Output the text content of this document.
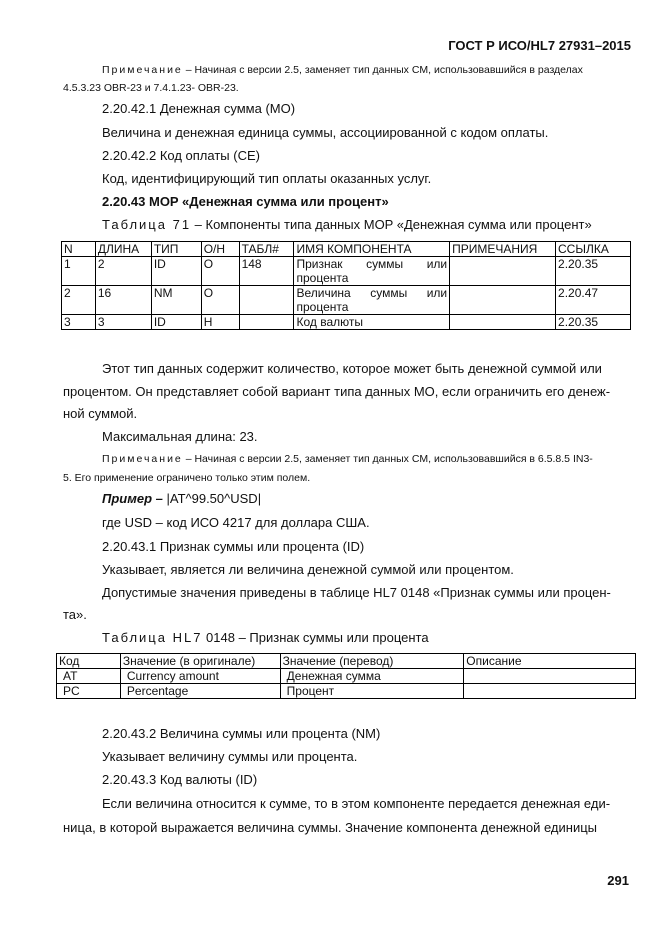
ГОСТ Р ИСО/HL7 27931–2015
Примечание – Начиная с версии 2.5, заменяет тип данных CM, использовавшийся в разделах
4.5.3.23 OBR-23 и 7.4.1.23- OBR-23.
2.20.42.1 Денежная сумма (MO)
Величина и денежная единица суммы, ассоциированной с кодом оплаты.
2.20.42.2 Код оплаты (CE)
Код, идентифицирующий тип оплаты оказанных услуг.
2.20.43 MOP «Денежная сумма или процент»
Таблица 71 – Компоненты типа данных MOP «Денежная сумма или процент»
N	ДЛИНА	ТИП	О/Н	ТАБЛ#	ИМЯ КОМПОНЕНТА	ПРИМЕЧАНИЯ	ССЫЛКА
1	2	ID	O	148	Признак суммы или процента		2.20.35
2	16	NM	O		Величина суммы или процента		2.20.47
3	3	ID	H		Код валюты		2.20.35
Этот тип данных содержит количество, которое может быть денежной суммой или
процентом. Он представляет собой вариант типа данных MO, если ограничить его денеж-
ной суммой.
Максимальная длина: 23.
Примечание – Начиная с версии 2.5, заменяет тип данных CM, использовавшийся в 6.5.8.5 IN3-
5. Его применение ограничено только этим полем.
Пример – |AT^99.50^USD|
где USD – код ИСО 4217 для доллара США.
2.20.43.1 Признак суммы или процента (ID)
Указывает, является ли величина денежной суммой или процентом.
Допустимые значения приведены в таблице HL7 0148 «Признак суммы или процен-
та».
Таблица HL7 0148 – Признак суммы или процента
Код	Значение (в оригинале)	Значение (перевод)	Описание
AT	Currency amount	Денежная сумма	
PC	Percentage	Процент	
2.20.43.2 Величина суммы или процента (NM)
Указывает величину суммы или процента.
2.20.43.3 Код валюты (ID)
Если величина относится к сумме, то в этом компоненте передается денежная еди-
ница, в которой выражается величина суммы. Значение компонента денежной единицы
291
